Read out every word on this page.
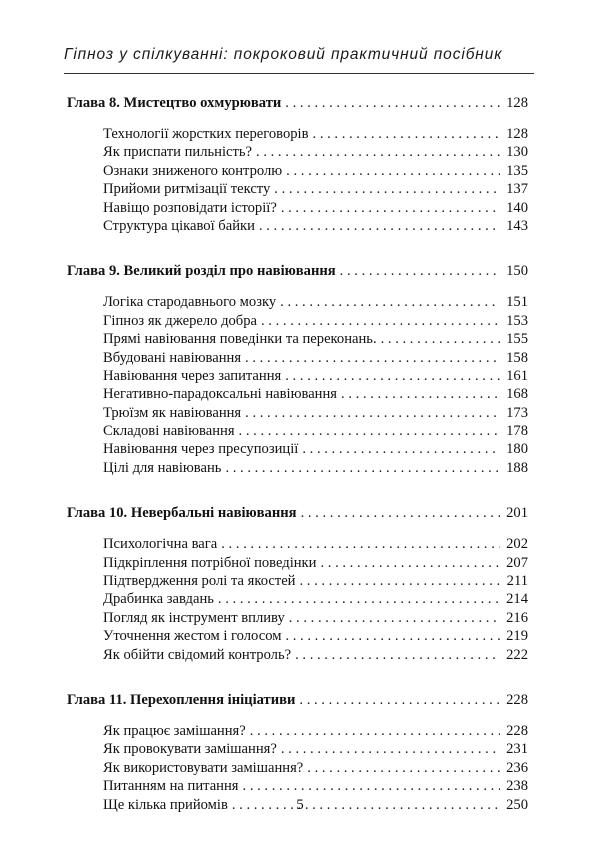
Гіпноз у спілкуванні: покроковий практичний посібник
Глава 8. Мистецтво охмурювати . . .	128
Технології жорстких переговорів . . .	128
Як приспати пильність? . . .	130
Ознаки зниженого контролю . . .	135
Прийоми ритмізації тексту . . .	137
Навіщо розповідати історії? . . .	140
Структура цікавої байки . . .	143
Глава 9. Великий розділ про навіювання . . .	150
Логіка стародавнього мозку . . .	151
Гіпноз як джерело добра . . .	153
Прямі навіювання поведінки та переконань. . . .	155
Вбудовані навіювання . . .	158
Навіювання через запитання . . .	161
Негативно-парадоксальні навіювання . . .	168
Трюїзм як навіювання . . .	173
Складові навіювання . . .	178
Навіювання через пресупозиції . . .	180
Цілі для навіювань . . .	188
Глава 10. Невербальні навіювання . . .	201
Психологічна вага . . .	202
Підкріплення потрібної поведінки . . .	207
Підтвердження ролі та якостей . . .	211
Драбинка завдань . . .	214
Погляд як інструмент впливу . . .	216
Уточнення жестом і голосом . . .	219
Як обійти свідомий контроль? . . .	222
Глава 11. Перехоплення ініціативи . . .	228
Як працює замішання? . . .	228
Як провокувати замішання? . . .	231
Як використовувати замішання? . . .	236
Питанням на питання . . .	238
Ще кілька прийомів . . .	250
5
